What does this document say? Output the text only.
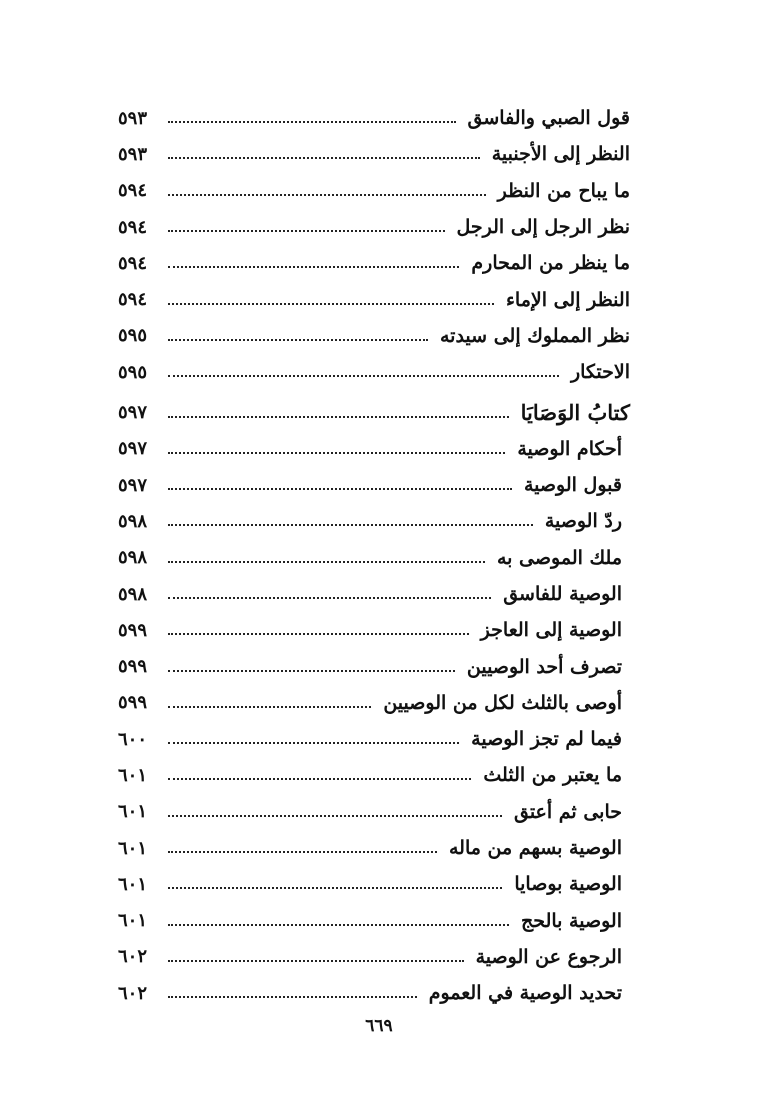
قول الصبي والفاسق
٥٩٣
النظر إلى الأجنبية
٥٩٣
ما يباح من النظر
٥٩٤
نظر الرجل إلى الرجل
٥٩٤
ما ينظر من المحارم
٥٩٤
النظر إلى الإماء
٥٩٤
نظر المملوك إلى سيدته
٥٩٥
الاحتكار
٥٩٥
كتابُ الوَصَايَا
٥٩٧
أحكام الوصية
٥٩٧
قبول الوصية
٥٩٧
ردّ الوصية
٥٩٨
ملك الموصى به
٥٩٨
الوصية للفاسق
٥٩٨
الوصية إلى العاجز
٥٩٩
تصرف أحد الوصيين
٥٩٩
أوصى بالثلث لكل من الوصيين
٥٩٩
فيما لم تجز الوصية
٦٠٠
ما يعتبر من الثلث
٦٠١
حابى ثم أعتق
٦٠١
الوصية بسهم من ماله
٦٠١
الوصية بوصايا
٦٠١
الوصية بالحج
٦٠١
الرجوع عن الوصية
٦٠٢
تحديد الوصية في العموم
٦٠٢
٦٦٩
